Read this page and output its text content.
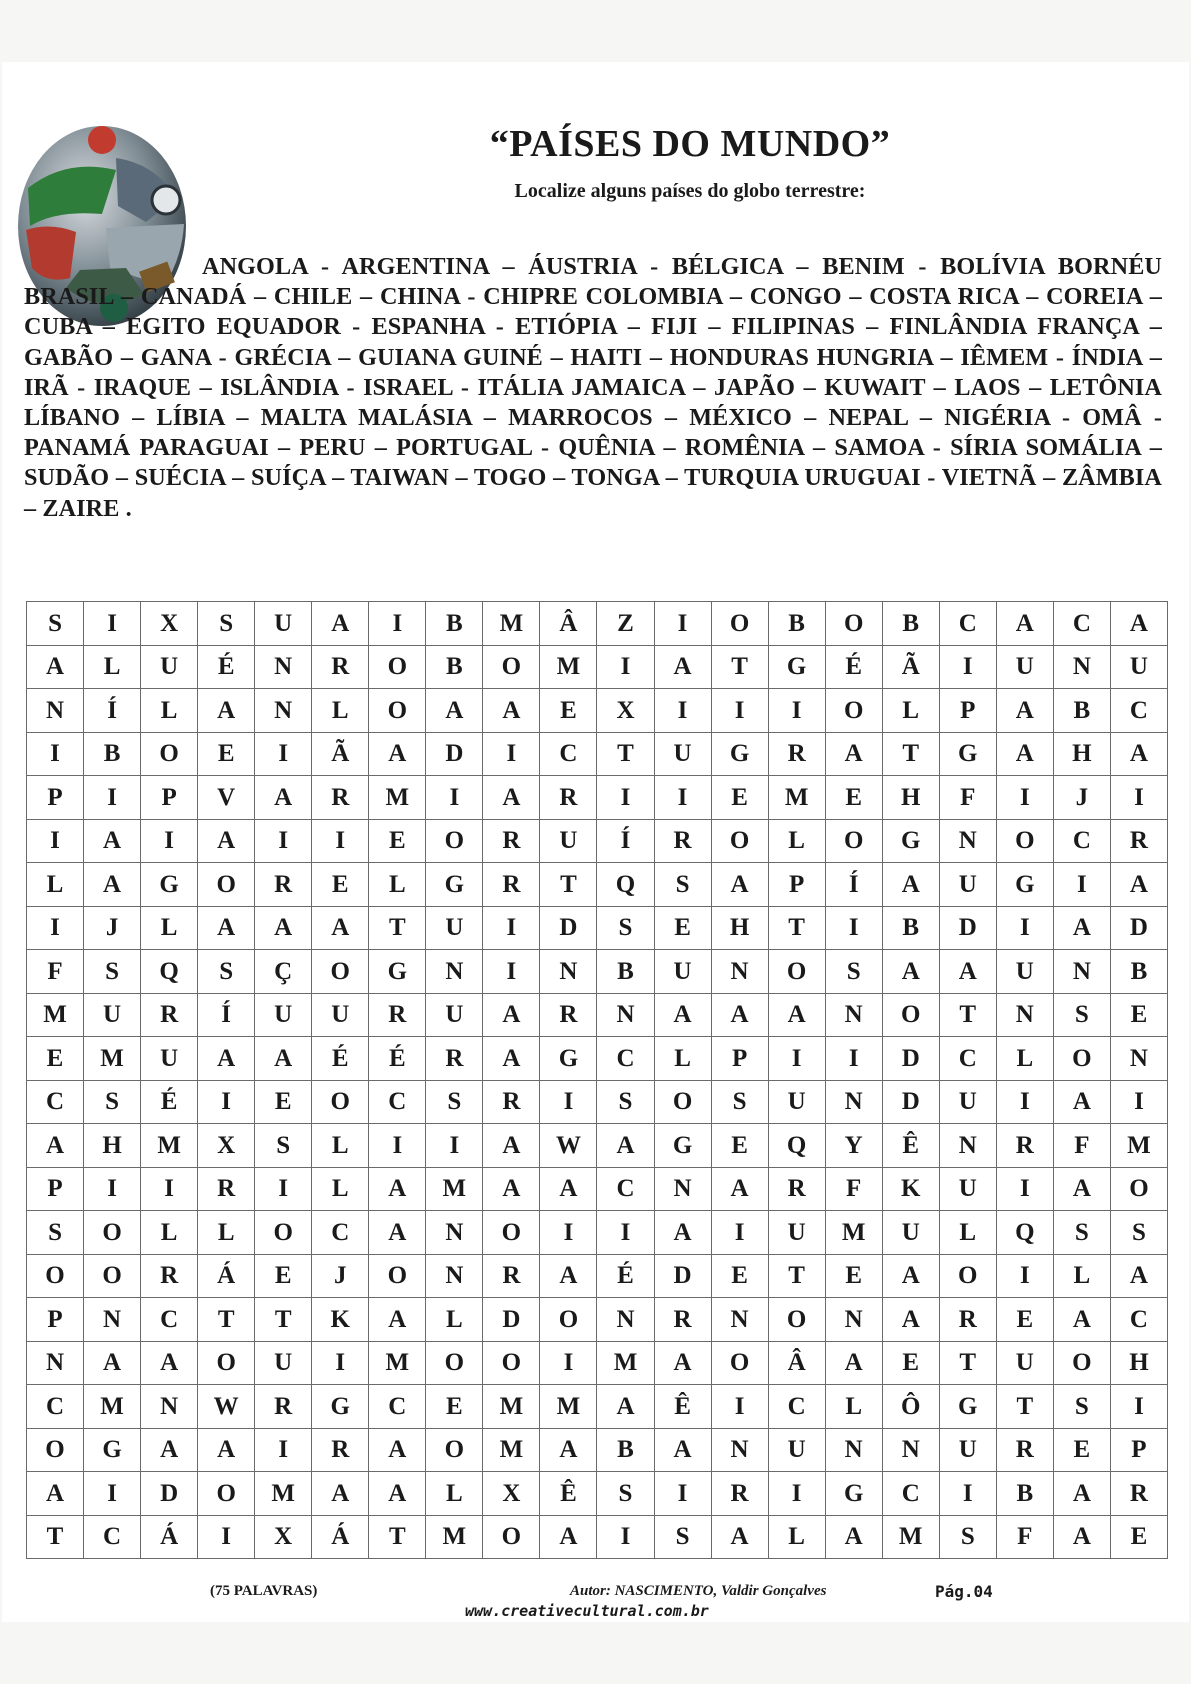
“PAÍSES DO MUNDO”
Localize alguns países do globo terrestre:
ANGOLA - ARGENTINA – ÁUSTRIA - BÉLGICA – BENIM - BOLÍVIA BORNÉU BRASIL – CANADÁ – CHILE – CHINA - CHIPRE COLOMBIA – CONGO – COSTA RICA – COREIA – CUBA – EGITO EQUADOR - ESPANHA - ETIÓPIA – FIJI – FILIPINAS – FINLÂNDIA FRANÇA – GABÃO – GANA - GRÉCIA – GUIANA GUINÉ – HAITI – HONDURAS HUNGRIA – IÊMEM - ÍNDIA – IRÃ - IRAQUE – ISLÂNDIA - ISRAEL - ITÁLIA JAMAICA – JAPÃO – KUWAIT – LAOS – LETÔNIA LÍBANO – LÍBIA – MALTA MALÁSIA – MARROCOS – MÉXICO – NEPAL – NIGÉRIA - OMÂ - PANAMÁ PARAGUAI – PERU – PORTUGAL - QUÊNIA – ROMÊNIA – SAMOA - SÍRIA SOMÁLIA – SUDÃO – SUÉCIA – SUÍÇA – TAIWAN – TOGO – TONGA – TURQUIA URUGUAI - VIETNÃ – ZÂMBIA – ZAIRE .
S	I	X	S	U	A	I	B	M	Â	Z	I	O	B	O	B	C	A	C	A
A	L	U	É	N	R	O	B	O	M	I	A	T	G	É	Ã	I	U	N	U
N	Í	L	A	N	L	O	A	A	E	X	I	I	I	O	L	P	A	B	C
I	B	O	E	I	Ã	A	D	I	C	T	U	G	R	A	T	G	A	H	A
P	I	P	V	A	R	M	I	A	R	I	I	E	M	E	H	F	I	J	I
I	A	I	A	I	I	E	O	R	U	Í	R	O	L	O	G	N	O	C	R
L	A	G	O	R	E	L	G	R	T	Q	S	A	P	Í	A	U	G	I	A
I	J	L	A	A	A	T	U	I	D	S	E	H	T	I	B	D	I	A	D
F	S	Q	S	Ç	O	G	N	I	N	B	U	N	O	S	A	A	U	N	B
M	U	R	Í	U	U	R	U	A	R	N	A	A	A	N	O	T	N	S	E
E	M	U	A	A	É	É	R	A	G	C	L	P	I	I	D	C	L	O	N
C	S	É	I	E	O	C	S	R	I	S	O	S	U	N	D	U	I	A	I
A	H	M	X	S	L	I	I	A	W	A	G	E	Q	Y	Ê	N	R	F	M
P	I	I	R	I	L	A	M	A	A	C	N	A	R	F	K	U	I	A	O
S	O	L	L	O	C	A	N	O	I	I	A	I	U	M	U	L	Q	S	S
O	O	R	Á	E	J	O	N	R	A	É	D	E	T	E	A	O	I	L	A
P	N	C	T	T	K	A	L	D	O	N	R	N	O	N	A	R	E	A	C
N	A	A	O	U	I	M	O	O	I	M	A	O	Â	A	E	T	U	O	H
C	M	N	W	R	G	C	E	M	M	A	Ê	I	C	L	Ô	G	T	S	I
O	G	A	A	I	R	A	O	M	A	B	A	N	U	N	N	U	R	E	P
A	I	D	O	M	A	A	L	X	Ê	S	I	R	I	G	C	I	B	A	R
T	C	Á	I	X	Á	T	M	O	A	I	S	A	L	A	M	S	F	A	E
(75 PALAVRAS)	Autor: NASCIMENTO, Valdir Gonçalves
www.creativecultural.com.br
Pág.04
